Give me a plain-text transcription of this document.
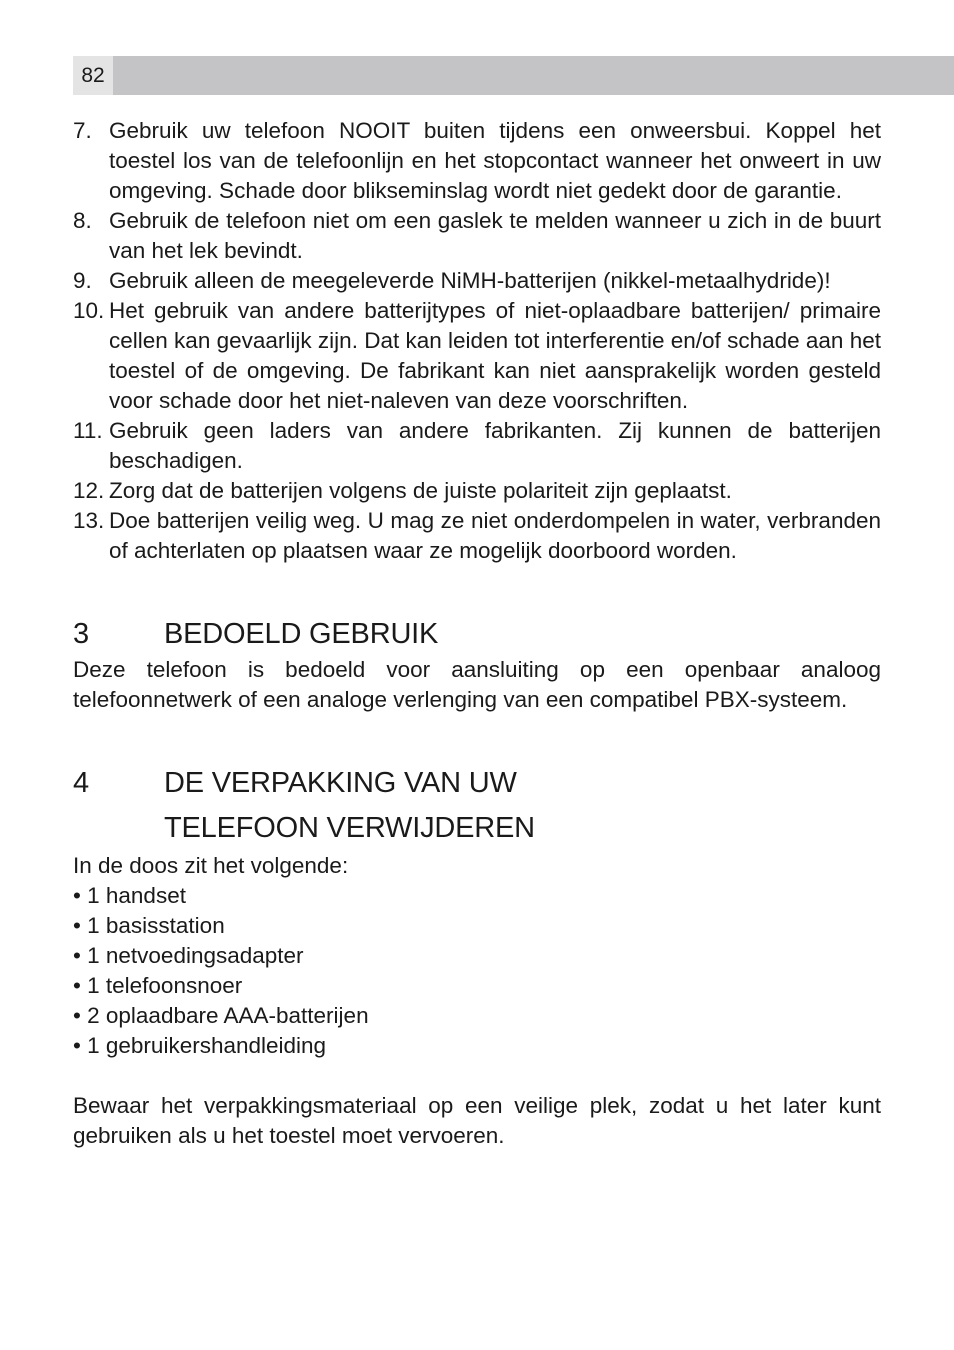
82
7. Gebruik uw telefoon NOOIT buiten tijdens een onweersbui. Koppel het toestel los van de telefoonlijn en het stopcontact wanneer het onweert in uw omgeving. Schade door blikseminslag wordt niet gedekt door de garantie.
8. Gebruik de telefoon niet om een gaslek te melden wanneer u zich in de buurt van het lek bevindt.
9. Gebruik alleen de meegeleverde NiMH-batterijen (nikkel-metaalhydride)!
10. Het gebruik van andere batterijtypes of niet-oplaadbare batterijen/ primaire cellen kan gevaarlijk zijn. Dat kan leiden tot interferentie en/of schade aan het toestel of de omgeving. De fabrikant kan niet aansprakelijk worden gesteld voor schade door het niet-naleven van deze voorschriften.
11. Gebruik geen laders van andere fabrikanten. Zij kunnen de batterijen beschadigen.
12. Zorg dat de batterijen volgens de juiste polariteit zijn geplaatst.
13. Doe batterijen veilig weg. U mag ze niet onderdompelen in water, verbranden of achterlaten op plaatsen waar ze mogelijk doorboord worden.
3	BEDOELD GEBRUIK

Deze telefoon is bedoeld voor aansluiting op een openbaar analoog telefoonnetwerk of een analoge verlenging van een compatibel PBX-systeem.

4	DE VERPAKKING VAN UW
TELEFOON VERWIJDEREN

In de doos zit het volgende:

• 1 handset
• 1 basisstation
• 1 netvoedingsadapter
• 1 telefoonsnoer
• 2 oplaadbare AAA-batterijen
• 1 gebruikershandleiding

Bewaar het verpakkingsmateriaal op een veilige plek, zodat u het later kunt gebruiken als u het toestel moet vervoeren.
